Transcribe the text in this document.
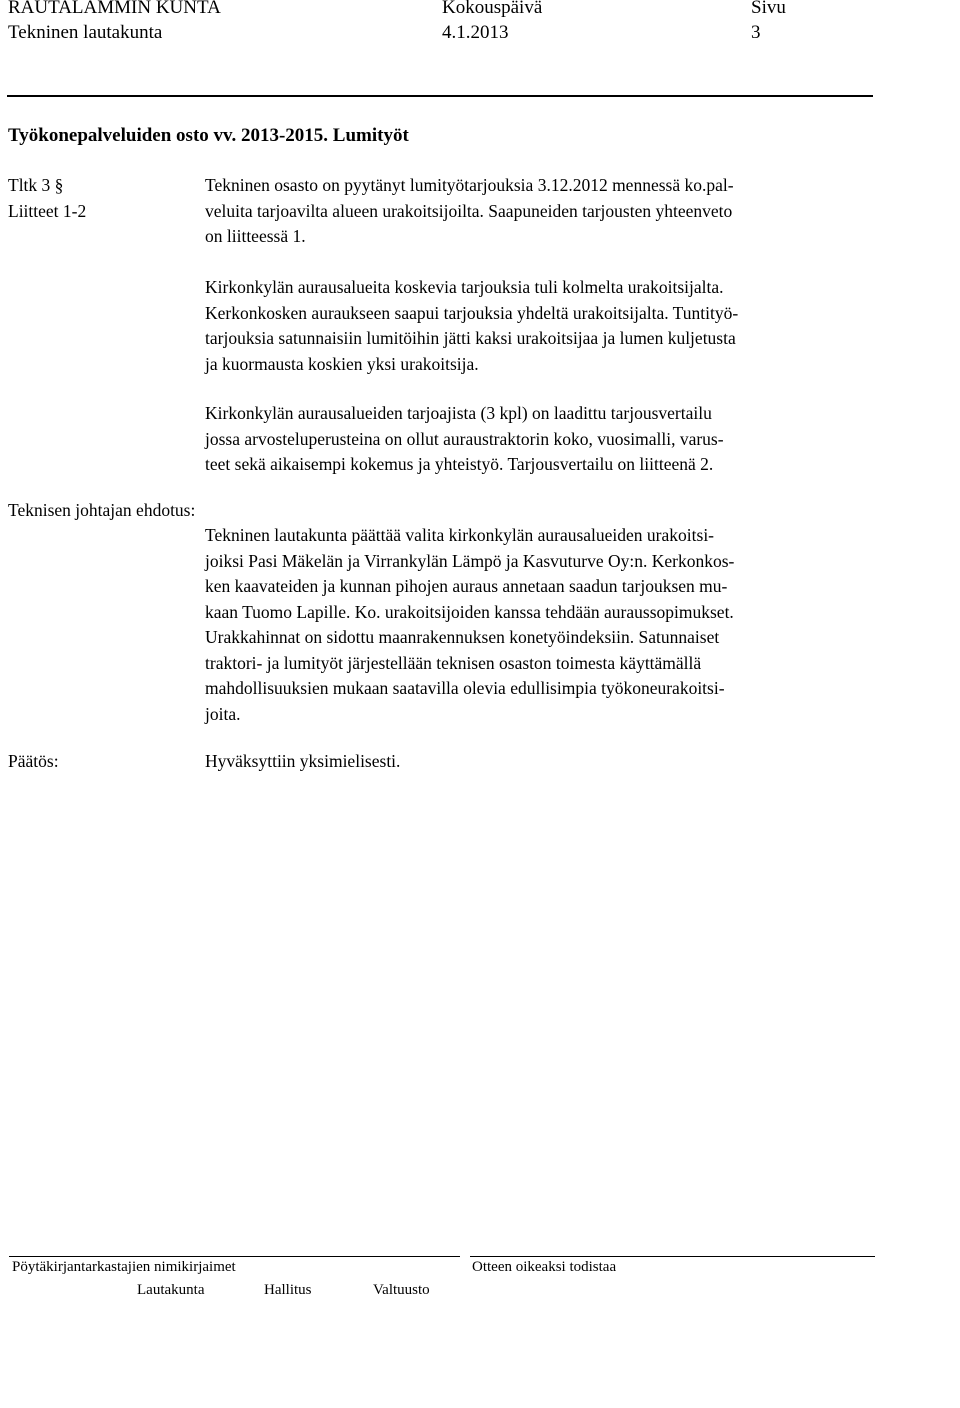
RAUTALAMMIN KUNTA
Tekninen lautakunta
Kokouspäivä
4.1.2013
Sivu
3
Työkonepalveluiden osto vv. 2013-2015. Lumityöt
Tltk 3 §
Liitteet 1-2
Tekninen osasto on pyytänyt lumityötarjouksia 3.12.2012 mennessä ko.pal-
veluita tarjoavilta alueen urakoitsijoilta. Saapuneiden tarjousten yhteenveto
on liitteessä 1.
Kirkonkylän aurausalueita koskevia tarjouksia tuli kolmelta urakoitsijalta.
Kerkonkosken auraukseen saapui tarjouksia yhdeltä urakoitsijalta. Tuntityö-
tarjouksia satunnaisiin lumitöihin jätti kaksi urakoitsijaa ja lumen kuljetusta
ja kuormausta koskien yksi urakoitsija.
Kirkonkylän aurausalueiden tarjoajista (3 kpl) on laadittu tarjousvertailu
jossa arvosteluperusteina on ollut auraustraktorin koko, vuosimalli, varus-
teet sekä aikaisempi kokemus ja yhteistyö. Tarjousvertailu on liitteenä 2.
Teknisen johtajan ehdotus:
Tekninen lautakunta päättää valita kirkonkylän aurausalueiden urakoitsi-
joiksi Pasi Mäkelän ja Virrankylän Lämpö ja Kasvuturve Oy:n. Kerkonkos-
ken kaavateiden ja kunnan pihojen auraus annetaan saadun tarjouksen mu-
kaan Tuomo Lapille. Ko. urakoitsijoiden kanssa tehdään auraussopimukset.
Urakkahinnat on sidottu maanrakennuksen konetyöindeksiin. Satunnaiset
traktori- ja lumityöt järjestellään teknisen osaston toimesta käyttämällä
mahdollisuuksien mukaan saatavilla olevia edullisimpia työkoneurakoitsi-
joita.
Päätös:	Hyväksyttiin yksimielisesti.
Pöytäkirjantarkastajien nimikirjaimet
Lautakunta	Hallitus	Valtuusto
Otteen oikeaksi todistaa
